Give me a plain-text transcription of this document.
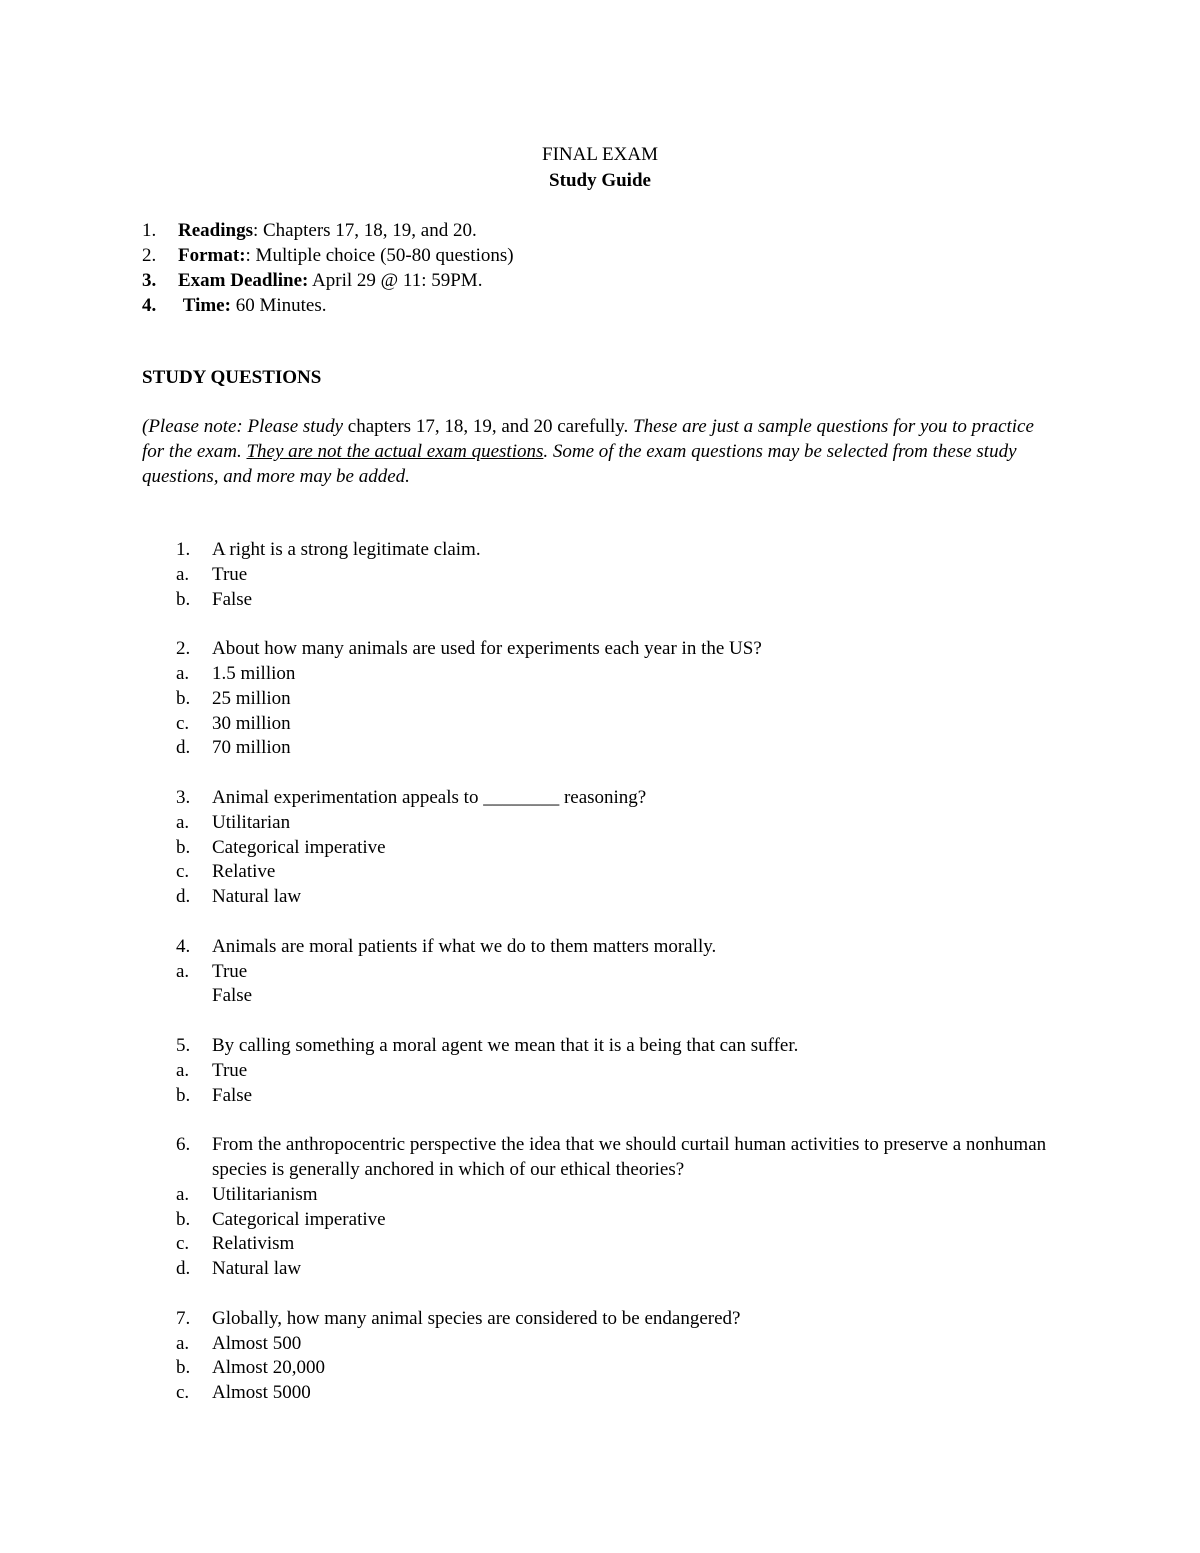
FINAL EXAM
Study Guide
1.	Readings: Chapters 17, 18, 19, and 20.
2.	Format:: Multiple choice (50-80 questions)
3.	Exam Deadline: April 29 @ 11: 59PM.
4.	Time: 60 Minutes.
STUDY QUESTIONS
(Please note: Please study chapters 17, 18, 19, and 20 carefully. These are just a sample questions for you to practice for the exam. They are not the actual exam questions. Some of the exam questions may be selected from these study questions, and more may be added.
1.	A right is a strong legitimate claim.
a.	True
b.	False
2.	About how many animals are used for experiments each year in the US?
a.	1.5 million
b.	25 million
c.	30 million
d.	70 million
3.	Animal experimentation appeals to ________ reasoning?
a.	Utilitarian
b.	Categorical imperative
c.	Relative
d.	Natural law
4.	Animals are moral patients if what we do to them matters morally.
a.	True
False
5.	By calling something a moral agent we mean that it is a being that can suffer.
a.	True
b.	False
6.	From the anthropocentric perspective the idea that we should curtail human activities to preserve a nonhuman species is generally anchored in which of our ethical theories?
a.	Utilitarianism
b.	Categorical imperative
c.	Relativism
d.	Natural law
7.	Globally, how many animal species are considered to be endangered?
a.	Almost 500
b.	Almost 20,000
c.	Almost 5000
